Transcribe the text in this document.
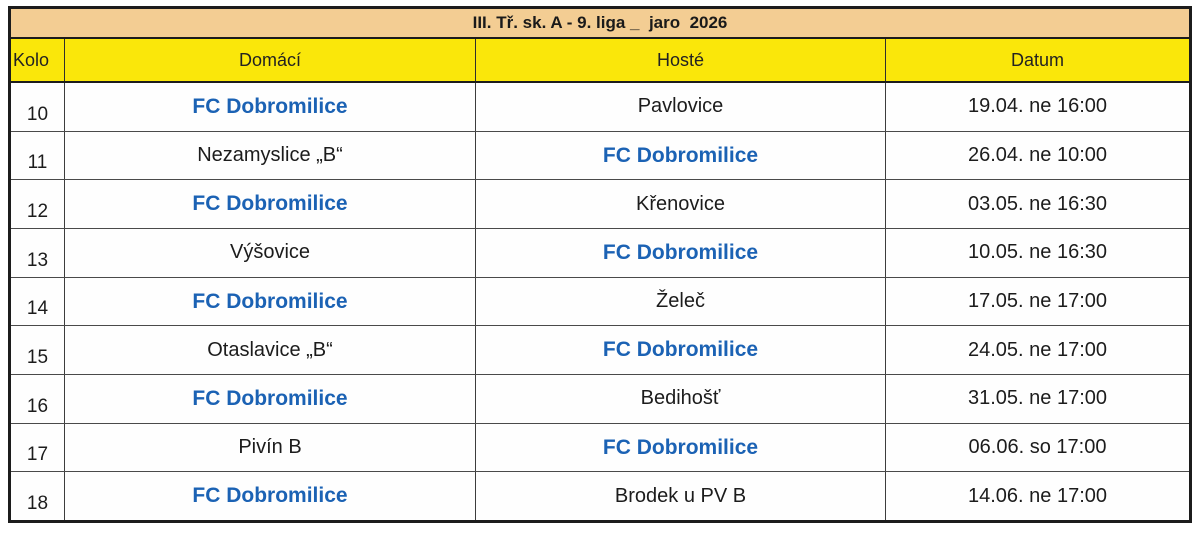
III. Tř. sk. A - 9. liga _  jaro  2026
Kolo	Domácí	Hosté	Datum
10	FC Dobromilice	Pavlovice	19.04. ne 16:00
11	Nezamyslice „B“	FC Dobromilice	26.04. ne 10:00
12	FC Dobromilice	Křenovice	03.05. ne 16:30
13	Výšovice	FC Dobromilice	10.05. ne 16:30
14	FC Dobromilice	Želeč	17.05. ne 17:00
15	Otaslavice „B“	FC Dobromilice	24.05. ne 17:00
16	FC Dobromilice	Bedihošť	31.05. ne 17:00
17	Pivín B	FC Dobromilice	06.06. so 17:00
18	FC Dobromilice	Brodek u PV B	14.06. ne 17:00
